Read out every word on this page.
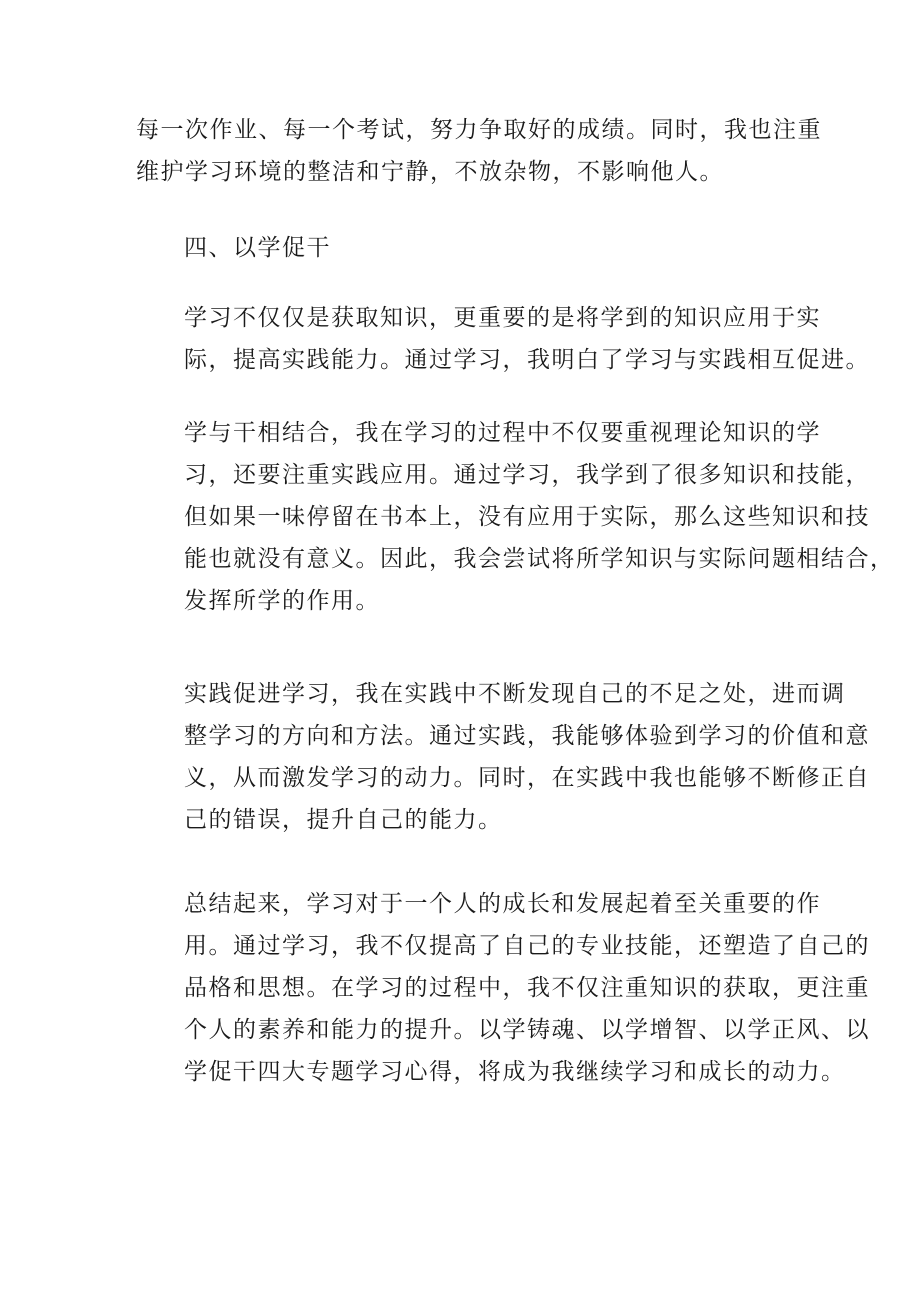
每一次作业、每一个考试，努力争取好的成绩。同时，我也注重
维护学习环境的整洁和宁静，不放杂物，不影响他人。

四、以学促干

学习不仅仅是获取知识，更重要的是将学到的知识应用于实
际，提高实践能力。通过学习，我明白了学习与实践相互促进。

学与干相结合，我在学习的过程中不仅要重视理论知识的学
习，还要注重实践应用。通过学习，我学到了很多知识和技能，
但如果一味停留在书本上，没有应用于实际，那么这些知识和技
能也就没有意义。因此，我会尝试将所学知识与实际问题相结合，
发挥所学的作用。

实践促进学习，我在实践中不断发现自己的不足之处，进而调
整学习的方向和方法。通过实践，我能够体验到学习的价值和意
义，从而激发学习的动力。同时，在实践中我也能够不断修正自
己的错误，提升自己的能力。

总结起来，学习对于一个人的成长和发展起着至关重要的作
用。通过学习，我不仅提高了自己的专业技能，还塑造了自己的
品格和思想。在学习的过程中，我不仅注重知识的获取，更注重
个人的素养和能力的提升。以学铸魂、以学增智、以学正风、以
学促干四大专题学习心得，将成为我继续学习和成长的动力。
